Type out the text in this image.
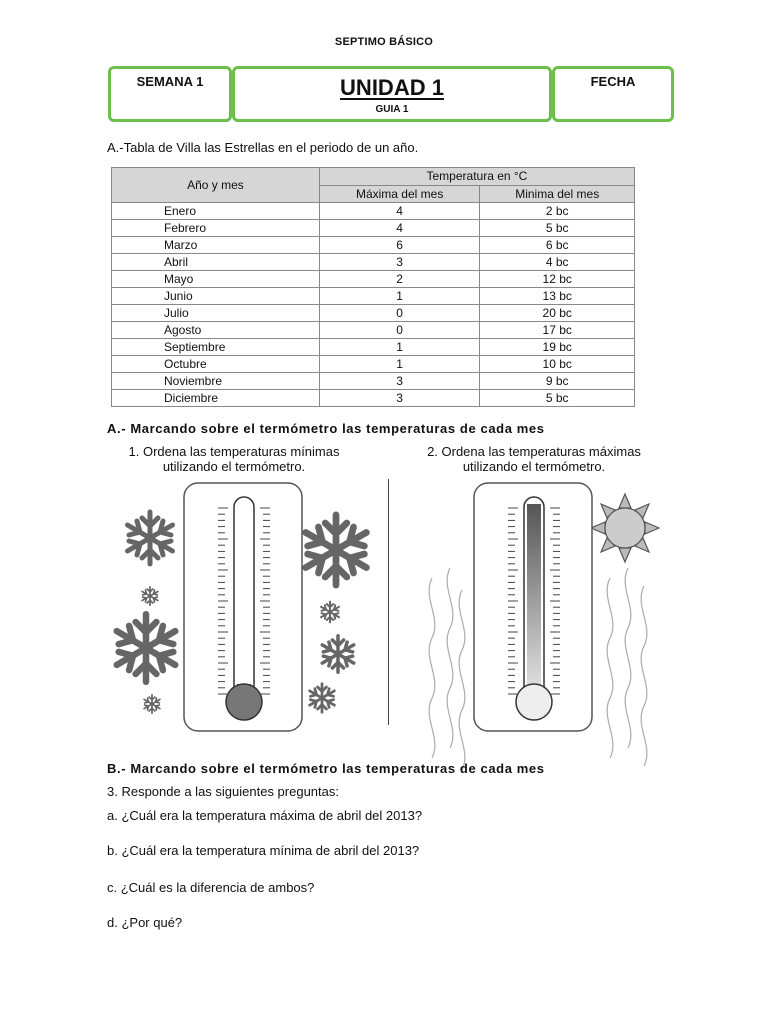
SEPTIMO BÁSICO
SEMANA 1	UNIDAD 1
GUIA 1
FECHA
A.-Tabla de Villa las Estrellas en el periodo de un año.
Año y mes	Temperatura en °C	
	Máxima del mes	Minima del mes
Enero	4	2 bc
Febrero	4	5 bc
Marzo	6	6 bc
Abril	3	4 bc
Mayo	2	12 bc
Junio	1	13 bc
Julio	0	20 bc
Agosto	0	17 bc
Septiembre	1	19 bc
Octubre	1	10 bc
Noviembre	3	9 bc
Diciembre	3	5 bc
A.- Marcando sobre el termómetro las temperaturas de cada mes
1. Ordena las temperaturas mínimas
utilizando el termómetro.
2. Ordena las temperaturas máximas
utilizando el termómetro.
B.- Marcando sobre el termómetro las temperaturas de cada mes
3. Responde a las siguientes preguntas:
a. ¿Cuál era la temperatura máxima de abril del 2013?
b. ¿Cuál era la temperatura mínima de abril del 2013?
c. ¿Cuál es la diferencia de ambos?
d. ¿Por qué?
